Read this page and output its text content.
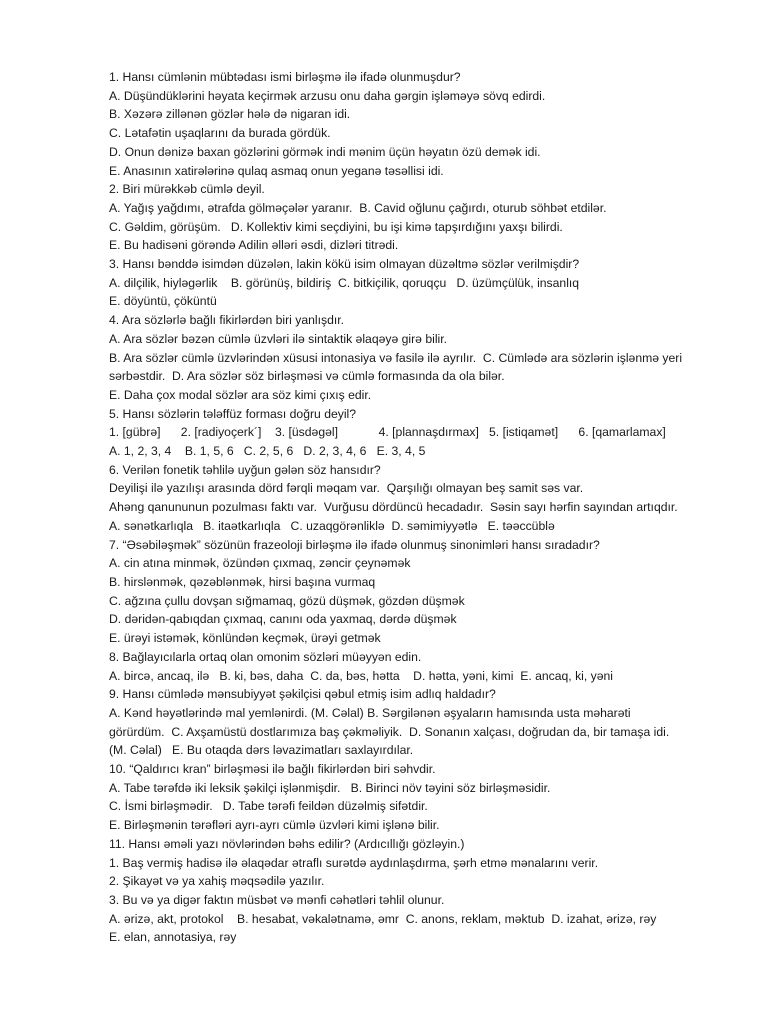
1. Hansı cümlənin mübtədası ismi birləşmə ilə ifadə olunmuşdur?

A. Düşündüklərini həyata keçirmək arzusu onu daha gərgin işləməyə sövq edirdi.

B. Xəzərə zillənən gözlər hələ də nigaran idi.

C. Lətafətin uşaqlarını da burada gördük.

D. Onun dənizə baxan gözlərini görmək indi mənim üçün həyatın özü demək idi.

E. Anasının xatirələrinə qulaq asmaq onun yeganə təsəllisi idi.

2. Biri mürəkkəb cümlə deyil.

A. Yağış yağdımı, ətrafda gölməçələr yaranır.  B. Cavid oğlunu çağırdı, oturub söhbət etdilər.

C. Gəldim, görüşüm.   D. Kollektiv kimi seçdiyini, bu işi kimə tapşırdığını yaxşı bilirdi.

E. Bu hadisəni görəndə Adilin əlləri əsdi, dizləri titrədi.

3. Hansı bənddə isimdən düzələn, lakin kökü isim olmayan düzəltmə sözlər verilmişdir?

A. dilçilik, hiyləgərlik    B. görünüş, bildiriş  C. bitkiçilik, qoruqçu   D. üzümçülük, insanlıq

E. döyüntü, çöküntü

4. Ara sözlərlə bağlı fikirlərdən biri yanlışdır.

A. Ara sözlər bəzən cümlə üzvləri ilə sintaktik əlaqəyə girə bilir.

B. Ara sözlər cümlə üzvlərindən xüsusi intonasiya və fasilə ilə ayrılır.  C. Cümlədə ara sözlərin işlənmə yeri

sərbəstdir.  D. Ara sözlər söz birləşməsi və cümlə formasında da ola bilər.

E. Daha çox modal sözlər ara söz kimi çıxış edir.

5. Hansı sözlərin tələffüz forması doğru deyil?

1. [gübrə]      2. [radiyoçerk´]    3. [üsdəgəl]            4. [plannaşdırmax]   5. [istiqamət]      6. [qamarlamax]

A. 1, 2, 3, 4    B. 1, 5, 6   C. 2, 5, 6   D. 2, 3, 4, 6   E. 3, 4, 5

6. Verilən fonetik təhlilə uyğun gələn söz hansıdır?

Deyilişi ilə yazılışı arasında dörd fərqli məqam var.  Qarşılığı olmayan beş samit səs var.

Ahəng qanununun pozulması faktı var.  Vurğusu dördüncü hecadadır.  Səsin sayı hərfin sayından artıqdır.

A. sənətkarlıqla   B. itaətkarlıqla   C. uzaqgörənliklə  D. səmimiyyətlə   E. təəccüblə

7. “Əsəbiləşmək” sözünün frazeoloji birləşmə ilə ifadə olunmuş sinonimləri hansı sıradadır?

A. cin atına minmək, özündən çıxmaq, zəncir çeynəmək

B. hirslənmək, qəzəblənmək, hirsi başına vurmaq

C. ağzına çullu dovşan sığmamaq, gözü düşmək, gözdən düşmək

D. dəridən-qabıqdan çıxmaq, canını oda yaxmaq, dərdə düşmək

E. ürəyi istəmək, könlündən keçmək, ürəyi getmək

8. Bağlayıcılarla ortaq olan omonim sözləri müəyyən edin.

A. bircə, ancaq, ilə   B. ki, bəs, daha  C. da, bəs, hətta    D. hətta, yəni, kimi  E. ancaq, ki, yəni

9. Hansı cümlədə mənsubiyyət şəkilçisi qəbul etmiş isim adlıq haldadır?

A. Kənd həyətlərində mal yemlənirdi. (M. Cəlal) B. Sərgilənən əşyaların hamısında usta məharəti

görürdüm.  C. Axşamüstü dostlarımıza baş çəkməliyik.  D. Sonanın xalçası, doğrudan da, bir tamaşa idi.

(M. Cəlal)   E. Bu otaqda dərs ləvazimatları saxlayırdılar.

10. “Qaldırıcı kran” birləşməsi ilə bağlı fikirlərdən biri səhvdir.

A. Tabe tərəfdə iki leksik şəkilçi işlənmişdir.   B. Birinci növ təyini söz birləşməsidir.

C. İsmi birləşmədir.   D. Tabe tərəfi feildən düzəlmiş sifətdir.

E. Birləşmənin tərəfləri ayrı-ayrı cümlə üzvləri kimi işlənə bilir.

11. Hansı əməli yazı növlərindən bəhs edilir? (Ardıcıllığı gözləyin.)

1. Baş vermiş hadisə ilə əlaqədar ətraflı surətdə aydınlaşdırma, şərh etmə mənalarını verir.

2. Şikayət və ya xahiş məqsədilə yazılır.

3. Bu və ya digər faktın müsbət və mənfi cəhətləri təhlil olunur.

A. ərizə, akt, protokol    B. hesabat, vəkalətnamə, əmr  C. anons, reklam, məktub  D. izahat, ərizə, rəy

E. elan, annotasiya, rəy
